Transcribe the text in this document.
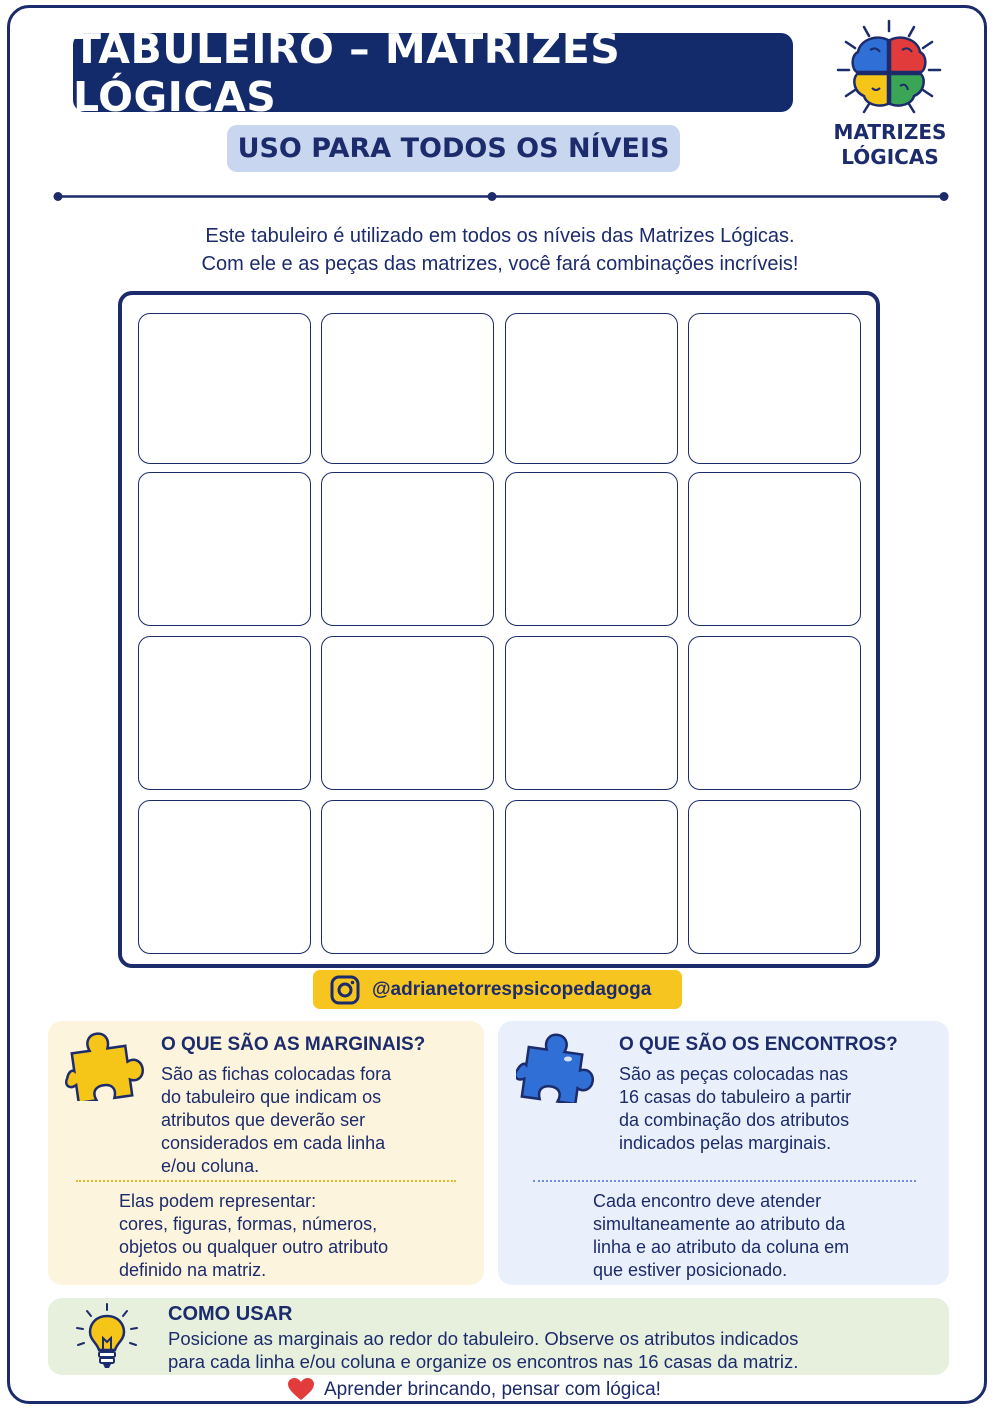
TABULEIRO – MATRIZES LÓGICAS
USO PARA TODOS OS NÍVEIS
MATRIZES
LÓGICAS
Este tabuleiro é utilizado em todos os níveis das Matrizes Lógicas.
Com ele e as peças das matrizes, você fará combinações incríveis!
@adrianetorrespsicopedagoga
O QUE SÃO AS MARGINAIS?
São as fichas colocadas fora
do tabuleiro que indicam os
atributos que deverão ser
considerados em cada linha
e/ou coluna.
Elas podem representar:
cores, figuras, formas, números,
objetos ou qualquer outro atributo
definido na matriz.
O QUE SÃO OS ENCONTROS?
São as peças colocadas nas
16 casas do tabuleiro a partir
da combinação dos atributos
indicados pelas marginais.
Cada encontro deve atender
simultaneamente ao atributo da
linha e ao atributo da coluna em
que estiver posicionado.
COMO USAR
Posicione as marginais ao redor do tabuleiro. Observe os atributos indicados
para cada linha e/ou coluna e organize os encontros nas 16 casas da matriz.
Aprender brincando, pensar com lógica!
